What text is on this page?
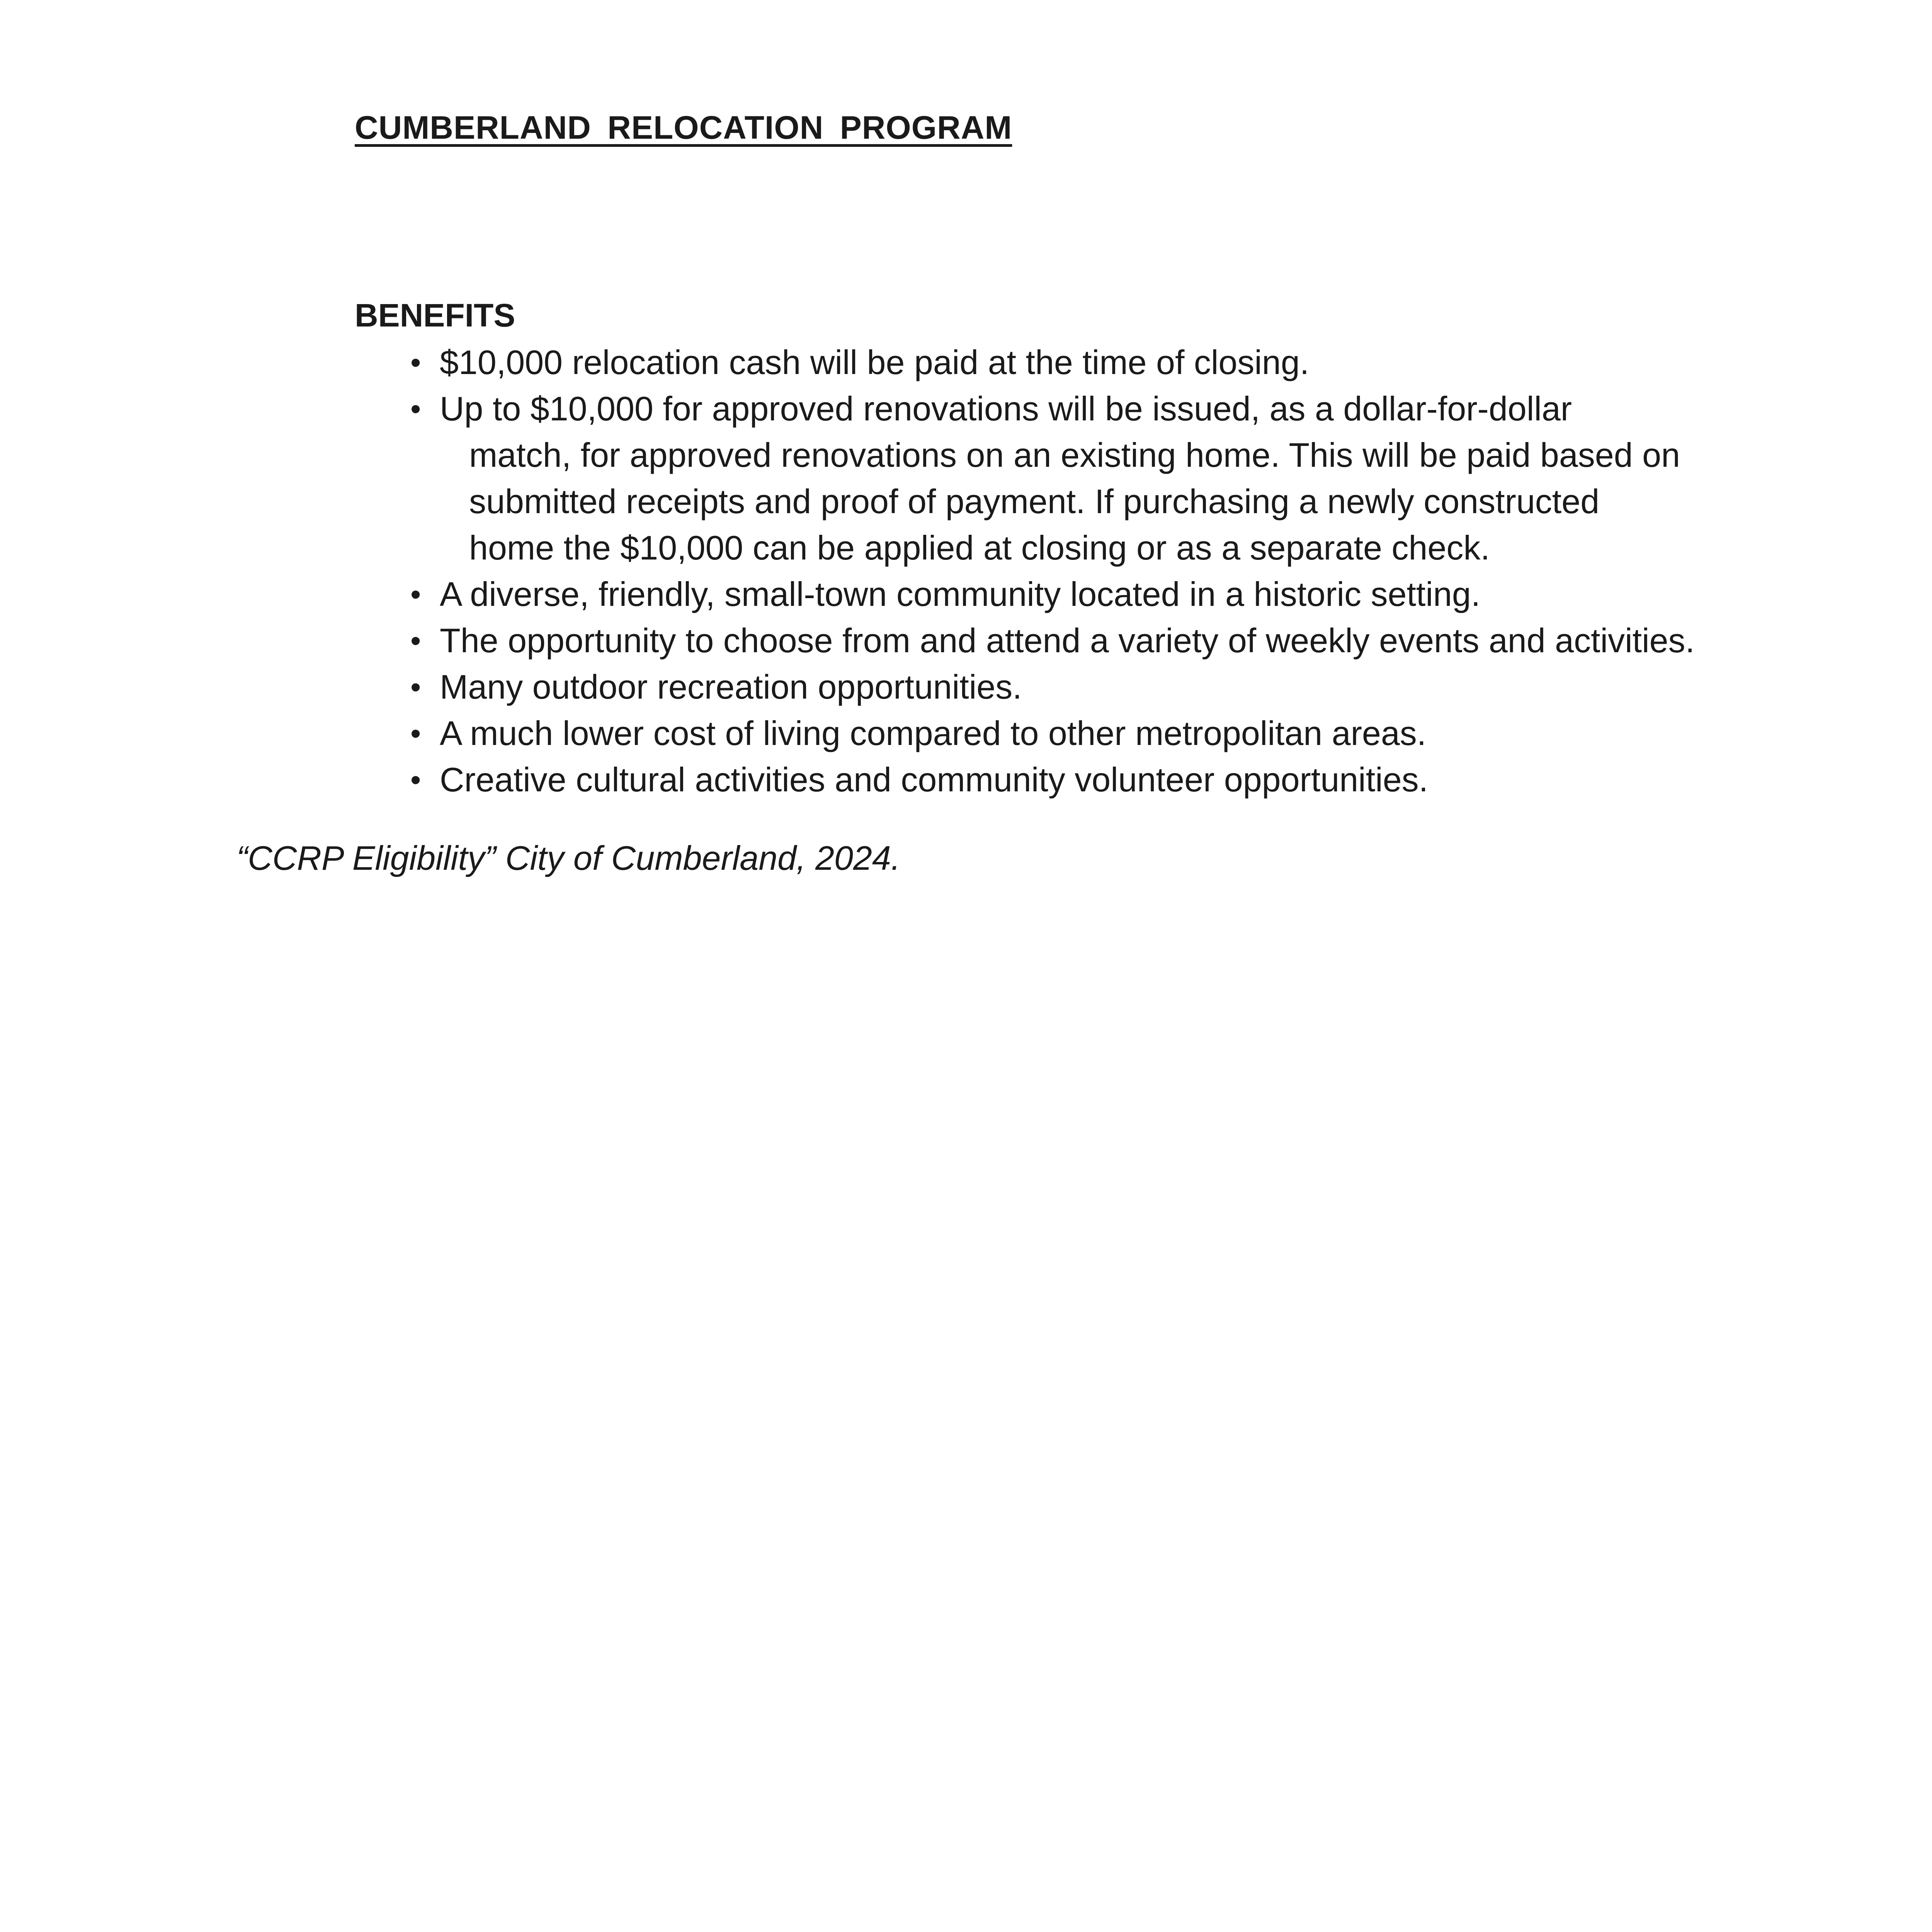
CUMBERLAND RELOCATION PROGRAM
BENEFITS
• $10,000 relocation cash will be paid at the time of closing.
• Up to $10,000 for approved renovations will be issued, as a dollar-for-dollar
match, for approved renovations on an existing home. This will be paid based on
submitted receipts and proof of payment. If purchasing a newly constructed
home the $10,000 can be applied at closing or as a separate check.
• A diverse, friendly, small-town community located in a historic setting.
• The opportunity to choose from and attend a variety of weekly events and activities.
• Many outdoor recreation opportunities.
• A much lower cost of living compared to other metropolitan areas.
• Creative cultural activities and community volunteer opportunities.

“CCRP Eligibility” City of Cumberland, 2024.
